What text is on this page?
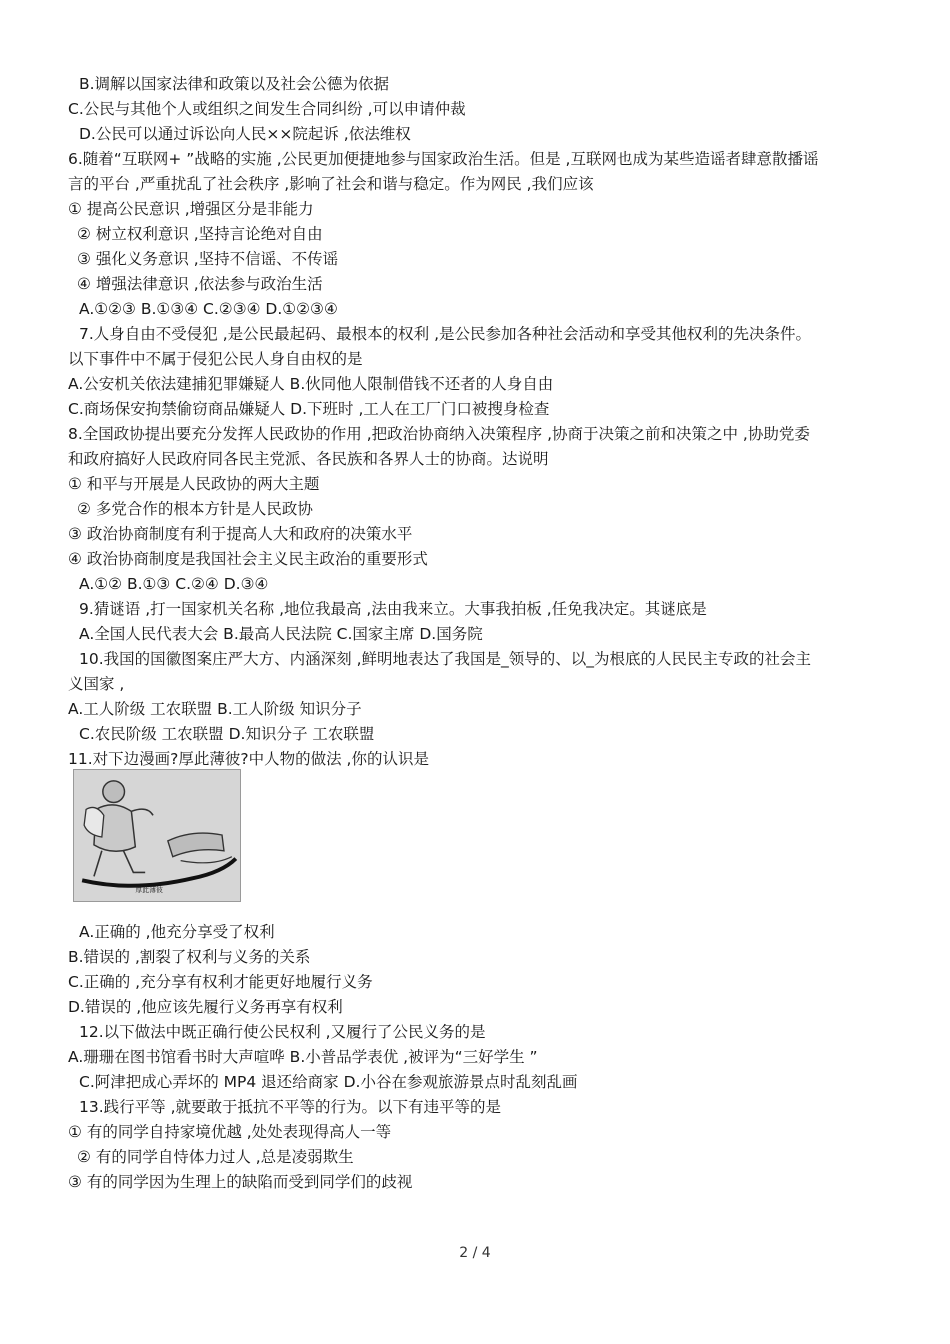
B.调解以国家法律和政策以及社会公德为依据
C.公民与其他个人或组织之间发生合同纠纷 ,可以申请仲裁
D.公民可以通过诉讼向人民××院起诉 ,依法维权
6.随着“互联网+ ”战略的实施 ,公民更加便捷地参与国家政治生活。但是 ,互联网也成为某些造谣者肆意散播谣
言的平台 ,严重扰乱了社会秩序 ,影响了社会和谐与稳定。作为网民 ,我们应该
① 提高公民意识 ,增强区分是非能力
② 树立权利意识 ,坚持言论绝对自由
③ 强化义务意识 ,坚持不信谣、不传谣
④ 增强法律意识 ,依法参与政治生活
A.①②③ B.①③④ C.②③④ D.①②③④
7.人身自由不受侵犯 ,是公民最起码、最根本的权利 ,是公民参加各种社会活动和享受其他权利的先决条件。
以下事件中不属于侵犯公民人身自由权的是
A.公安机关依法建捕犯罪嫌疑人 B.伙同他人限制借钱不还者的人身自由
C.商场保安拘禁偷窃商品嫌疑人 D.下班时 ,工人在工厂门口被搜身检查
8.全国政协提出要充分发挥人民政协的作用 ,把政治协商纳入决策程序 ,协商于决策之前和决策之中 ,协助党委
和政府搞好人民政府同各民主党派、各民族和各界人士的协商。达说明
① 和平与开展是人民政协的两大主题
② 多党合作的根本方针是人民政协
③ 政治协商制度有利于提高人大和政府的决策水平
④ 政治协商制度是我国社会主义民主政治的重要形式
A.①② B.①③ C.②④ D.③④
9.猜谜语 ,打一国家机关名称 ,地位我最高 ,法由我来立。大事我拍板 ,任免我决定。其谜底是
A.全国人民代表大会 B.最高人民法院 C.国家主席 D.国务院
10.我国的国徽图案庄严大方、内涵深刻 ,鲜明地表达了我国是_领导的、以_为根底的人民民主专政的社会主
义国家 ,
A.工人阶级 工农联盟 B.工人阶级 知识分子
C.农民阶级 工农联盟 D.知识分子 工农联盟
11.对下边漫画?厚此薄彼?中人物的做法 ,你的认识是
厚此薄彼
A.正确的 ,他充分享受了权利
B.错误的 ,割裂了权利与义务的关系
C.正确的 ,充分享有权利才能更好地履行义务
D.错误的 ,他应该先履行义务再享有权利
12.以下做法中既正确行使公民权利 ,又履行了公民义务的是
A.珊珊在图书馆看书时大声喧哗 B.小普品学表优 ,被评为“三好学生 ”
C.阿津把成心弄坏的 MP4 退还给商家 D.小谷在参观旅游景点时乱刻乱画
13.践行平等 ,就要敢于抵抗不平等的行为。以下有违平等的是
① 有的同学自持家境优越 ,处处表现得高人一等
② 有的同学自恃体力过人 ,总是凌弱欺生
③ 有的同学因为生理上的缺陷而受到同学们的歧视
2 / 4
